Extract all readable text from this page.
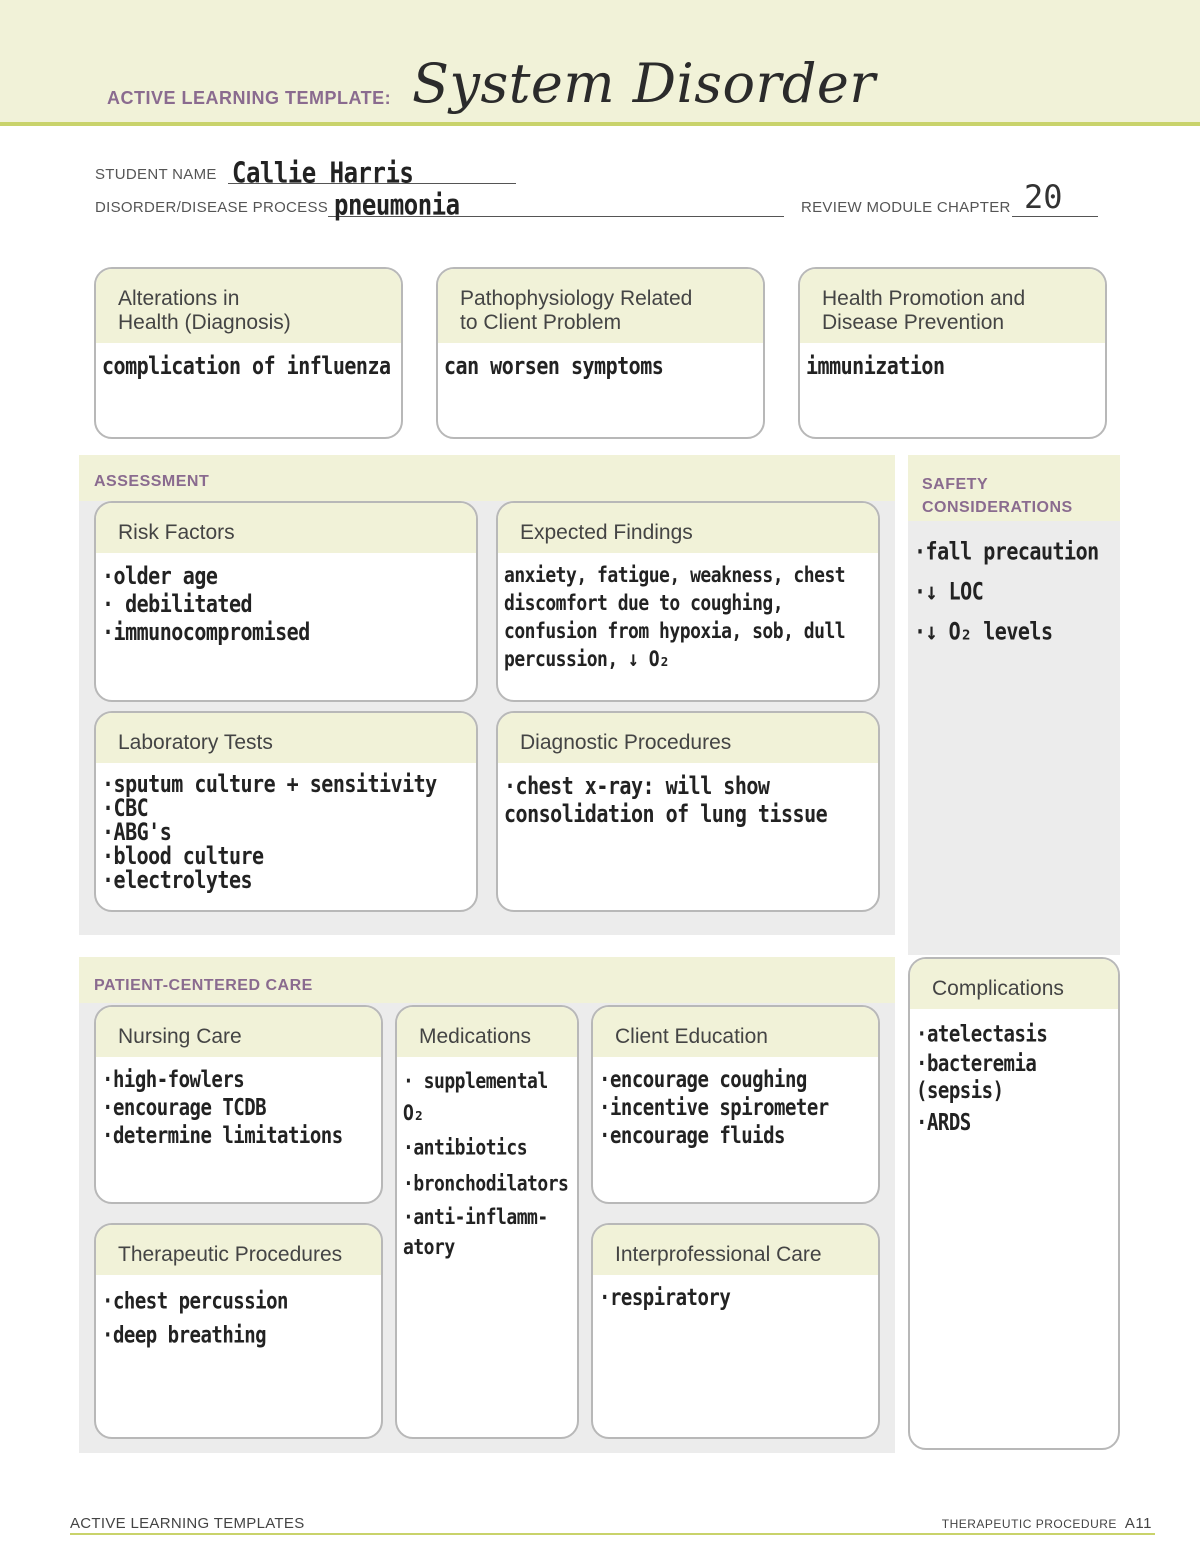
ACTIVE LEARNING TEMPLATE: System Disorder
STUDENT NAME Callie Harris
DISORDER/DISEASE PROCESS pneumonia	REVIEW MODULE CHAPTER 20
Alterations in
Health (Diagnosis)
complication of influenza
Pathophysiology Related
to Client Problem
can worsen symptoms
Health Promotion and
Disease Prevention
immunization
ASSESSMENT
Risk Factors
·older age
· debilitated
·immunocompromised
Expected Findings
anxiety, fatigue, weakness, chest
discomfort due to coughing,
confusion from hypoxia, sob, dull
percussion, ↓ O₂
Laboratory Tests
·sputum culture + sensitivity
·CBC
·ABG's
·blood culture
·electrolytes
Diagnostic Procedures
·chest x-ray: will show
consolidation of lung tissue
SAFETY
CONSIDERATIONS
·fall precaution
·↓ LOC
·↓ O₂ levels
PATIENT-CENTERED CARE
Nursing Care
·high-fowlers
·encourage TCDB
·determine limitations
Medications
· supplemental
O₂
·antibiotics
·bronchodilators
·anti-inflamm-
atory
Client Education
·encourage coughing
·incentive spirometer
·encourage fluids
Therapeutic Procedures
·chest percussion
·deep breathing
Interprofessional Care
·respiratory
Complications
·atelectasis
·bacteremia
(sepsis)
·ARDS
ACTIVE LEARNING TEMPLATES	THERAPEUTIC PROCEDURE A11
